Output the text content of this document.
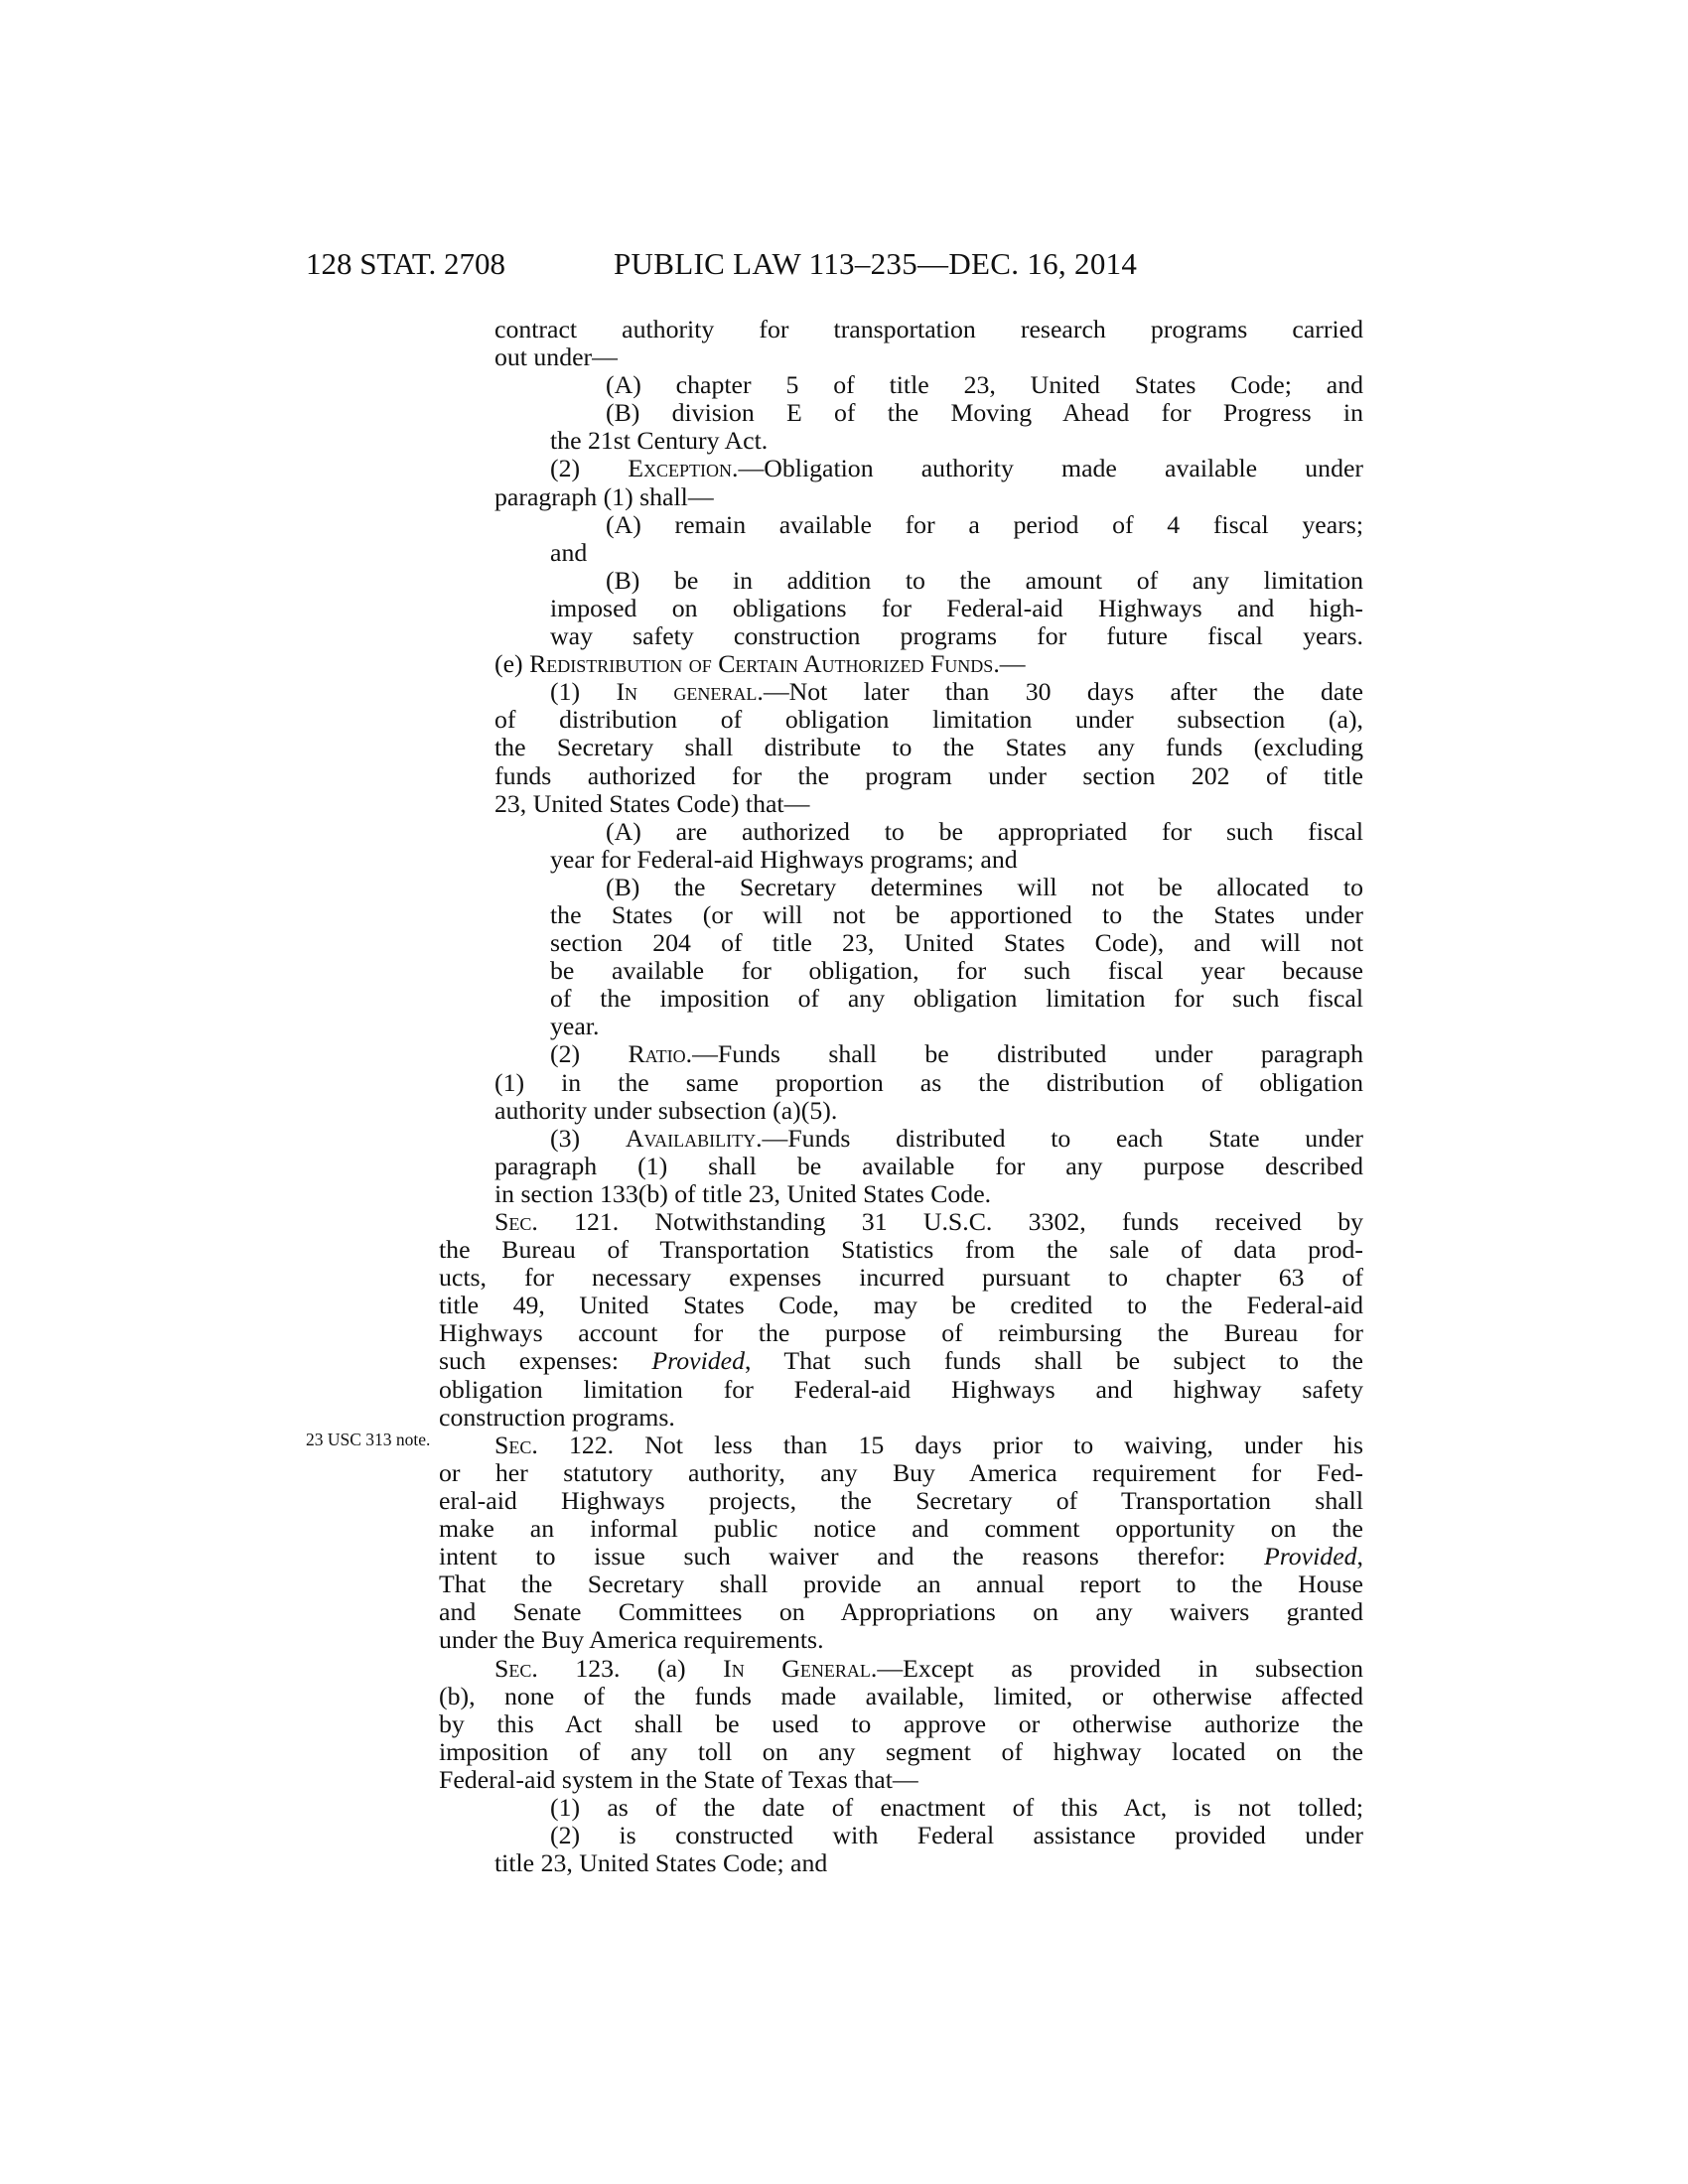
128 STAT. 2708	PUBLIC LAW 113–235—DEC. 16, 2014
23 USC 313 note.

contract authority for transportation research programs carried

out under—

(A) chapter 5 of title 23, United States Code; and

(B) division E of the Moving Ahead for Progress in

the 21st Century Act.

(2) Exception.—Obligation authority made available under

paragraph (1) shall—

(A) remain available for a period of 4 fiscal years;

and

(B) be in addition to the amount of any limitation

imposed on obligations for Federal-aid Highways and high-

way safety construction programs for future fiscal years.

(e) Redistribution of Certain Authorized Funds.—

(1) In general.—Not later than 30 days after the date

of distribution of obligation limitation under subsection (a),

the Secretary shall distribute to the States any funds (excluding

funds authorized for the program under section 202 of title

23, United States Code) that—

(A) are authorized to be appropriated for such fiscal

year for Federal-aid Highways programs; and

(B) the Secretary determines will not be allocated to

the States (or will not be apportioned to the States under

section 204 of title 23, United States Code), and will not

be available for obligation, for such fiscal year because

of the imposition of any obligation limitation for such fiscal

year.

(2) Ratio.—Funds shall be distributed under paragraph

(1) in the same proportion as the distribution of obligation

authority under subsection (a)(5).

(3) Availability.—Funds distributed to each State under

paragraph (1) shall be available for any purpose described

in section 133(b) of title 23, United States Code.

Sec. 121. Notwithstanding 31 U.S.C. 3302, funds received by

the Bureau of Transportation Statistics from the sale of data prod-

ucts, for necessary expenses incurred pursuant to chapter 63 of

title 49, United States Code, may be credited to the Federal-aid

Highways account for the purpose of reimbursing the Bureau for

such expenses: Provided, That such funds shall be subject to the

obligation limitation for Federal-aid Highways and highway safety

construction programs.

Sec. 122. Not less than 15 days prior to waiving, under his

or her statutory authority, any Buy America requirement for Fed-

eral-aid Highways projects, the Secretary of Transportation shall

make an informal public notice and comment opportunity on the

intent to issue such waiver and the reasons therefor: Provided,

That the Secretary shall provide an annual report to the House

and Senate Committees on Appropriations on any waivers granted

under the Buy America requirements.

Sec. 123. (a) In General.—Except as provided in subsection

(b), none of the funds made available, limited, or otherwise affected

by this Act shall be used to approve or otherwise authorize the

imposition of any toll on any segment of highway located on the

Federal-aid system in the State of Texas that—

(1) as of the date of enactment of this Act, is not tolled;

(2) is constructed with Federal assistance provided under

title 23, United States Code; and
